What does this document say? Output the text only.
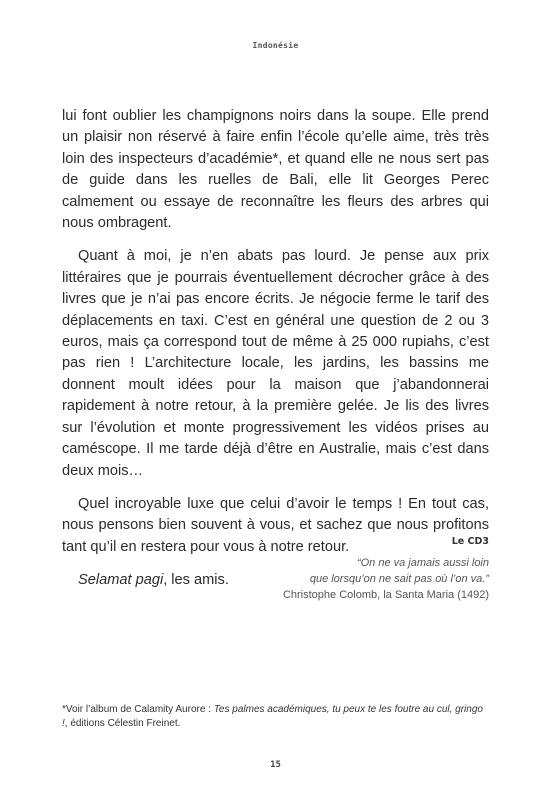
Indonésie

lui font oublier les champignons noirs dans la soupe. Elle prend un plaisir non réservé à faire enfin l’école qu’elle aime, très très loin des inspecteurs d’académie*, et quand elle ne nous sert pas de guide dans les ruelles de Bali, elle lit Georges Perec calmement ou essaye de reconnaître les fleurs des arbres qui nous ombragent.

Quant à moi, je n’en abats pas lourd. Je pense aux prix littéraires que je pourrais éventuellement décrocher grâce à des livres que je n’ai pas encore écrits. Je négocie ferme le tarif des déplacements en taxi. C’est en général une question de 2 ou 3 euros, mais ça correspond tout de même à 25 000 rupiahs, c’est pas rien ! L’architecture locale, les jardins, les bassins me donnent moult idées pour la maison que j’abandonnerai rapidement à notre retour, à la première gelée. Je lis des livres sur l’évolution et monte progressivement les vidéos prises au caméscope. Il me tarde déjà d’être en Australie, mais c’est dans deux mois…

Quel incroyable luxe que celui d’avoir le temps ! En tout cas, nous pensons bien souvent à vous, et sachez que nous profitons tant qu’il en restera pour vous à notre retour.

Selamat pagi, les amis.

Le CD3
“On ne va jamais aussi loin
que lorsqu’on ne sait pas où l’on va.”
Christophe Colomb, la Santa Maria (1492)
*Voir l’album de Calamity Aurore : Tes palmes académiques, tu peux te les foutre au cul, gringo !, éditions Célestin Freinet.
15
